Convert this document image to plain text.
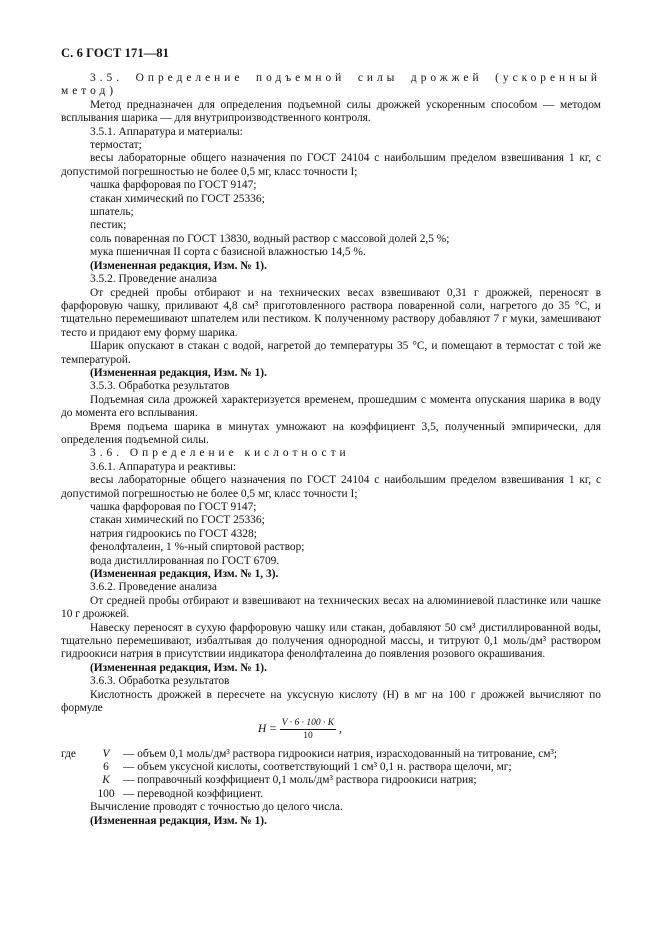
С. 6 ГОСТ 171—81

3.5. Определение подъемной силы дрожжей (ускоренный метод)

Метод предназначен для определения подъемной силы дрожжей ускоренным способом — методом всплывания шарика — для внутрипроизводственного контроля.

3.5.1. Аппаратура и материалы:

термостат;

весы лабораторные общего назначения по ГОСТ 24104 с наибольшим пределом взвешивания 1 кг, с допустимой погрешностью не более 0,5 мг, класс точности I;

чашка фарфоровая по ГОСТ 9147;

стакан химический по ГОСТ 25336;

шпатель;

пестик;

соль поваренная по ГОСТ 13830, водный раствор с массовой долей 2,5 %;

мука пшеничная II сорта с базисной влажностью 14,5 %.

(Измененная редакция, Изм. № 1).

3.5.2. Проведение анализа

От средней пробы отбирают и на технических весах взвешивают 0,31 г дрожжей, переносят в фарфоровую чашку, приливают 4,8 см³ приготовленного раствора поваренной соли, нагретого до 35 °С, и тщательно перемешивают шпателем или пестиком. К полученному раствору добавляют 7 г муки, замешивают тесто и придают ему форму шарика.

Шарик опускают в стакан с водой, нагретой до температуры 35 °С, и помещают в термостат с той же температурой.

(Измененная редакция, Изм. № 1).

3.5.3. Обработка результатов

Подъемная сила дрожжей характеризуется временем, прошедшим с момента опускания шарика в воду до момента его всплывания.

Время подъема шарика в минутах умножают на коэффициент 3,5, полученный эмпирически, для определения подъемной силы.

3.6. Определение кислотности

3.6.1. Аппаратура и реактивы:

весы лабораторные общего назначения по ГОСТ 24104 с наибольшим пределом взвешивания 1 кг, с допустимой погрешностью не более 0,5 мг, класс точности I;

чашка фарфоровая по ГОСТ 9147;

стакан химический по ГОСТ 25336;

натрия гидроокись по ГОСТ 4328;

фенолфталеин, 1 %-ный спиртовой раствор;

вода дистиллированная по ГОСТ 6709.

(Измененная редакция, Изм. № 1, 3).

3.6.2. Проведение анализа

От средней пробы отбирают и взвешивают на технических весах на алюминиевой пластинке или чашке 10 г дрожжей.

Навеску переносят в сухую фарфоровую чашку или стакан, добавляют 50 см³ дистиллированной воды, тщательно перемешивают, избалтывая до получения однородной массы, и титруют 0,1 моль/дм³ раствором гидроокиси натрия в присутствии индикатора фенолфталеина до появления розового окрашивания.

(Измененная редакция, Изм. № 1).

3.6.3. Обработка результатов

Кислотность дрожжей в пересчете на уксусную кислоту (Н) в мг на 100 г дрожжей вычисляют по формуле

$H = \frac{V \cdot 6 \cdot 100 \cdot K}{10}$ ,
где	V	— объем 0,1 моль/дм³ раствора гидроокиси натрия, израсходованный на титрование, см³;
6	— объем уксусной кислоты, соответствующий 1 см³ 0,1 н. раствора щелочи, мг;
K	— поправочный коэффициент 0,1 моль/дм³ раствора гидроокиси натрия;
100 — переводной коэффициент.

Вычисление проводят с точностью до целого числа.

(Измененная редакция, Изм. № 1).
